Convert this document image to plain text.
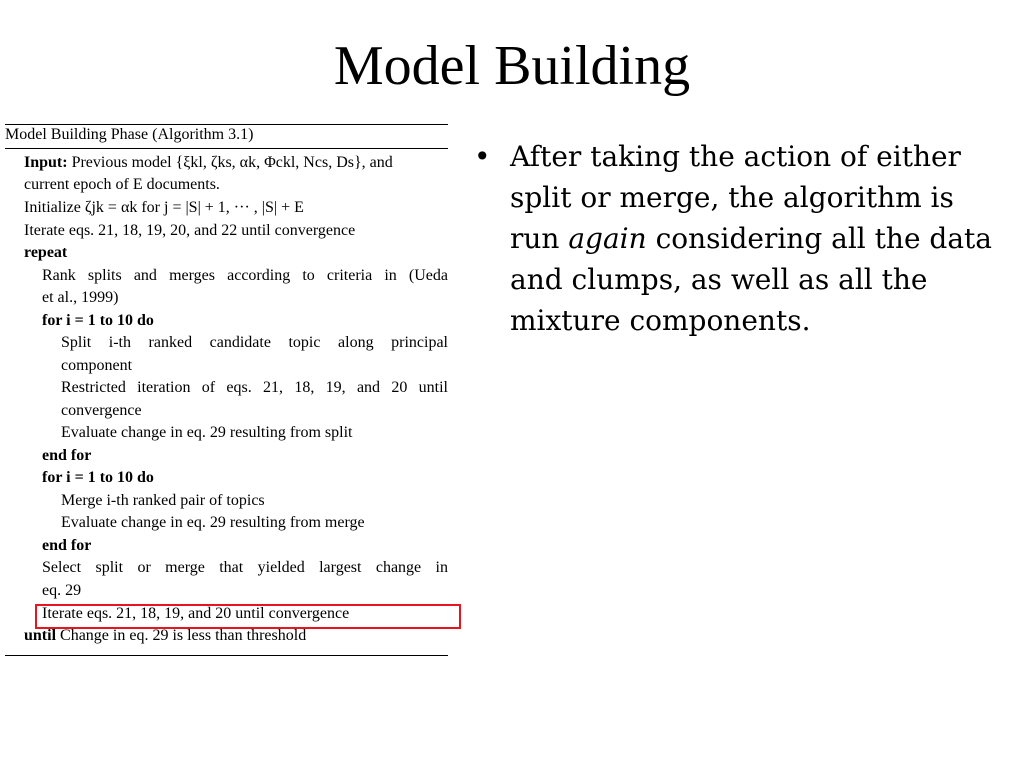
Model Building
Model Building Phase (Algorithm 3.1)
Input: Previous model {ξkl, ζks, αk, Φckl, Ncs, Ds}, and
current epoch of E documents.
Initialize ζjk = αk for j = |S| + 1, ··· , |S| + E
Iterate eqs. 21, 18, 19, 20, and 22 until convergence
repeat
Rank splits and merges according to criteria in (Ueda
et al., 1999)
for i = 1 to 10 do
Split i-th ranked candidate topic along principal
component
Restricted iteration of eqs. 21, 18, 19, and 20 until
convergence
Evaluate change in eq. 29 resulting from split
end for
for i = 1 to 10 do
Merge i-th ranked pair of topics
Evaluate change in eq. 29 resulting from merge
end for
Select split or merge that yielded largest change in
eq. 29
Iterate eqs. 21, 18, 19, and 20 until convergence
until Change in eq. 29 is less than threshold
• After taking the action of either split or merge, the algorithm is run again considering all the data and clumps, as well as all the mixture components.
